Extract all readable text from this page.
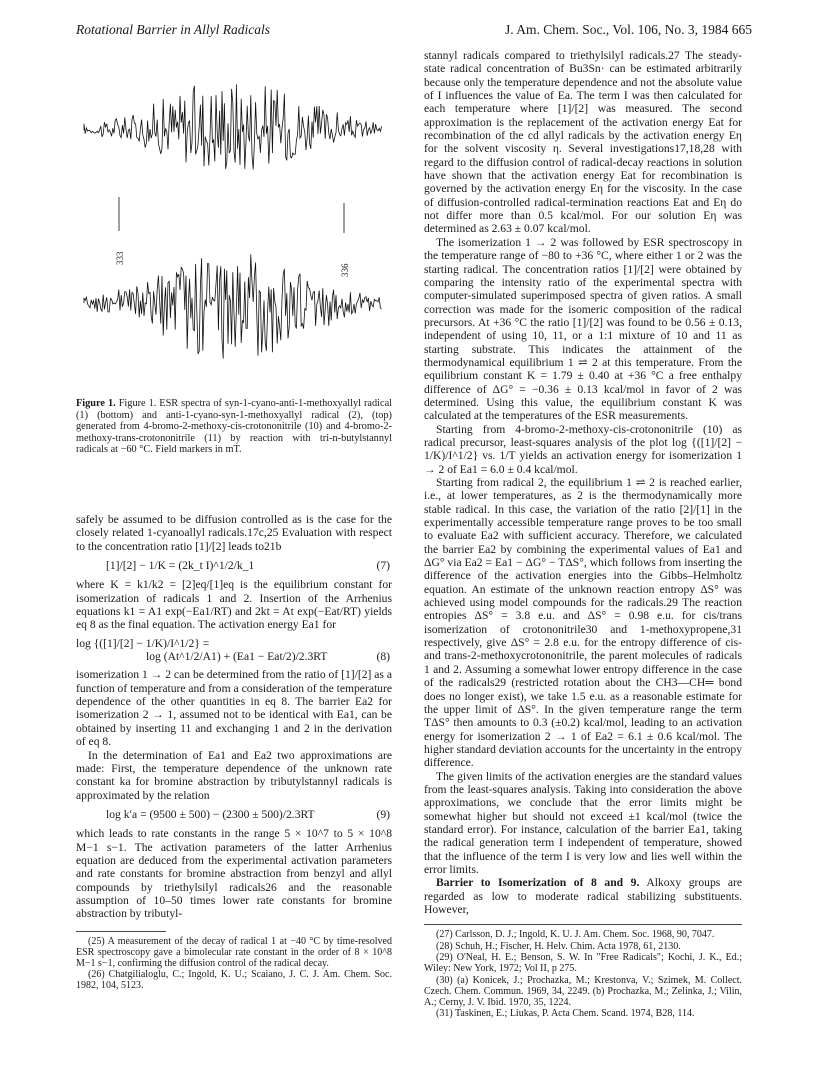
Rotational Barrier in Allyl Radicals	J. Am. Chem. Soc., Vol. 106, No. 3, 1984 665
333
336
Figure 1. Figure 1. ESR spectra of syn-1-cyano-anti-1-methoxyallyl radical (1) (bottom) and anti-1-cyano-syn-1-methoxyallyl radical (2), (top) generated from 4-bromo-2-methoxy-cis-crotononitrile (10) and 4-bromo-2-methoxy-trans-crotononitrile (11) by reaction with tri-n-butylstannyl radicals at −60 °C. Field markers in mT.

safely be assumed to be diffusion controlled as is the case for the closely related 1-cyanoallyl radicals.17c,25 Evaluation with respect to the concentration ratio [1]/[2] leads to21b

[1]/[2] − 1/K = (2k_t I)^1/2/k_1	(7)

where K = k1/k2 = [2]eq/[1]eq is the equilibrium constant for isomerization of radicals 1 and 2. Insertion of the Arrhenius equations k1 = A1 exp(−Ea1/RT) and 2kt = At exp(−Eat/RT) yields eq 8 as the final equation. The activation energy Ea1 for

log {([1]/[2] − 1/K)/I^1/2} =
log (At^1/2/A1) + (Ea1 − Eat/2)/2.3RT	(8)

isomerization 1 → 2 can be determined from the ratio of [1]/[2] as a function of temperature and from a consideration of the temperature dependence of the other quantities in eq 8. The barrier Ea2 for isomerization 2 → 1, assumed not to be identical with Ea1, can be obtained by inserting 11 and exchanging 1 and 2 in the derivation of eq 8.

In the determination of Ea1 and Ea2 two approximations are made: First, the temperature dependence of the unknown rate constant ka for bromine abstraction by tributylstannyl radicals is approximated by the relation

log k′a = (9500 ± 500) − (2300 ± 500)/2.3RT	(9)

which leads to rate constants in the range 5 × 10^7 to 5 × 10^8 M−1 s−1. The activation parameters of the latter Arrhenius equation are deduced from the experimental activation parameters and rate constants for bromine abstraction from benzyl and allyl compounds by triethylsilyl radicals26 and the reasonable assumption of 10–50 times lower rate constants for bromine abstraction by tributyl-

(25) A measurement of the decay of radical 1 at −40 °C by time-resolved ESR spectroscopy gave a bimolecular rate constant in the order of 8 × 10^8 M−1 s−1, confirming the diffusion control of the radical decay.
(26) Chatgilialoglu, C.; Ingold, K. U.; Scaiano, J. C. J. Am. Chem. Soc. 1982, 104, 5123.

stannyl radicals compared to triethylsilyl radicals.27 The steady-state radical concentration of Bu3Sn· can be estimated arbitrarily because only the temperature dependence and not the absolute value of I influences the value of Ea. The term I was then calculated for each temperature where [1]/[2] was measured. The second approximation is the replacement of the activation energy Eat for recombination of the cd allyl radicals by the activation energy Eη for the solvent viscosity η. Several investigations17,18,28 with regard to the diffusion control of radical-decay reactions in solution have shown that the activation energy Eat for recombination is governed by the activation energy Eη for the viscosity. In the case of diffusion-controlled radical-termination reactions Eat and Eη do not differ more than 0.5 kcal/mol. For our solution Eη was determined as 2.63 ± 0.07 kcal/mol.

The isomerization 1 → 2 was followed by ESR spectroscopy in the temperature range of −80 to +36 °C, where either 1 or 2 was the starting radical. The concentration ratios [1]/[2] were obtained by comparing the intensity ratio of the experimental spectra with computer-simulated superimposed spectra of given ratios. A small correction was made for the isomeric composition of the radical precursors. At +36 °C the ratio [1]/[2] was found to be 0.56 ± 0.13, independent of using 10, 11, or a 1:1 mixture of 10 and 11 as starting substrate. This indicates the attainment of the thermodynamical equilibrium 1 ⇌ 2 at this temperature. From the equilibrium constant K = 1.79 ± 0.40 at +36 °C a free enthalpy difference of ΔG° = −0.36 ± 0.13 kcal/mol in favor of 2 was determined. Using this value, the equilibrium constant K was calculated at the temperatures of the ESR measurements.

Starting from 4-bromo-2-methoxy-cis-crotononitrile (10) as radical precursor, least-squares analysis of the plot log {([1]/[2] − 1/K)/I^1/2} vs. 1/T yields an activation energy for isomerization 1 → 2 of Ea1 = 6.0 ± 0.4 kcal/mol.

Starting from radical 2, the equilibrium 1 ⇌ 2 is reached earlier, i.e., at lower temperatures, as 2 is the thermodynamically more stable radical. In this case, the variation of the ratio [2]/[1] in the experimentally accessible temperature range proves to be too small to evaluate Ea2 with sufficient accuracy. Therefore, we calculated the barrier Ea2 by combining the experimental values of Ea1 and ΔG° via Ea2 = Ea1 − ΔG° − TΔS°, which follows from inserting the difference of the activation energies into the Gibbs–Helmholtz equation. An estimate of the unknown reaction entropy ΔS° was achieved using model compounds for the radicals.29 The reaction entropies ΔS° = 3.8 e.u. and ΔS° = 0.98 e.u. for cis/trans isomerization of crotononitrile30 and 1-methoxypropene,31 respectively, give ΔS° = 2.8 e.u. for the entropy difference of cis- and trans-2-methoxycrotononitrile, the parent molecules of radicals 1 and 2. Assuming a somewhat lower entropy difference in the case of the radicals29 (restricted rotation about the CH3—CH═ bond does no longer exist), we take 1.5 e.u. as a reasonable estimate for the upper limit of ΔS°. In the given temperature range the term TΔS° then amounts to 0.3 (±0.2) kcal/mol, leading to an activation energy for isomerization 2 → 1 of Ea2 = 6.1 ± 0.6 kcal/mol. The higher standard deviation accounts for the uncertainty in the entropy difference.

The given limits of the activation energies are the standard values from the least-squares analysis. Taking into consideration the above approximations, we conclude that the error limits might be somewhat higher but should not exceed ±1 kcal/mol (twice the standard error). For instance, calculation of the barrier Ea1, taking the radical generation term I independent of temperature, showed that the influence of the term I is very low and lies well within the error limits.

Barrier to Isomerization of 8 and 9. Alkoxy groups are regarded as low to moderate radical stabilizing substituents. However,

(27) Carlsson, D. J.; Ingold, K. U. J. Am. Chem. Soc. 1968, 90, 7047.
(28) Schuh, H.; Fischer, H. Helv. Chim. Acta 1978, 61, 2130.
(29) O'Neal, H. E.; Benson, S. W. In "Free Radicals"; Kochi, J. K., Ed.; Wiley: New York, 1972; Vol II, p 275.
(30) (a) Konicek, J.; Prochazka, M.; Krestonva, V.; Szimek, M. Collect. Czech. Chem. Commun. 1969, 34, 2249. (b) Prochazka, M.; Zelinka, J.; Vilin, A.; Cerny, J. V. Ibid. 1970, 35, 1224.
(31) Taskinen, E.; Liukas, P. Acta Chem. Scand. 1974, B28, 114.
